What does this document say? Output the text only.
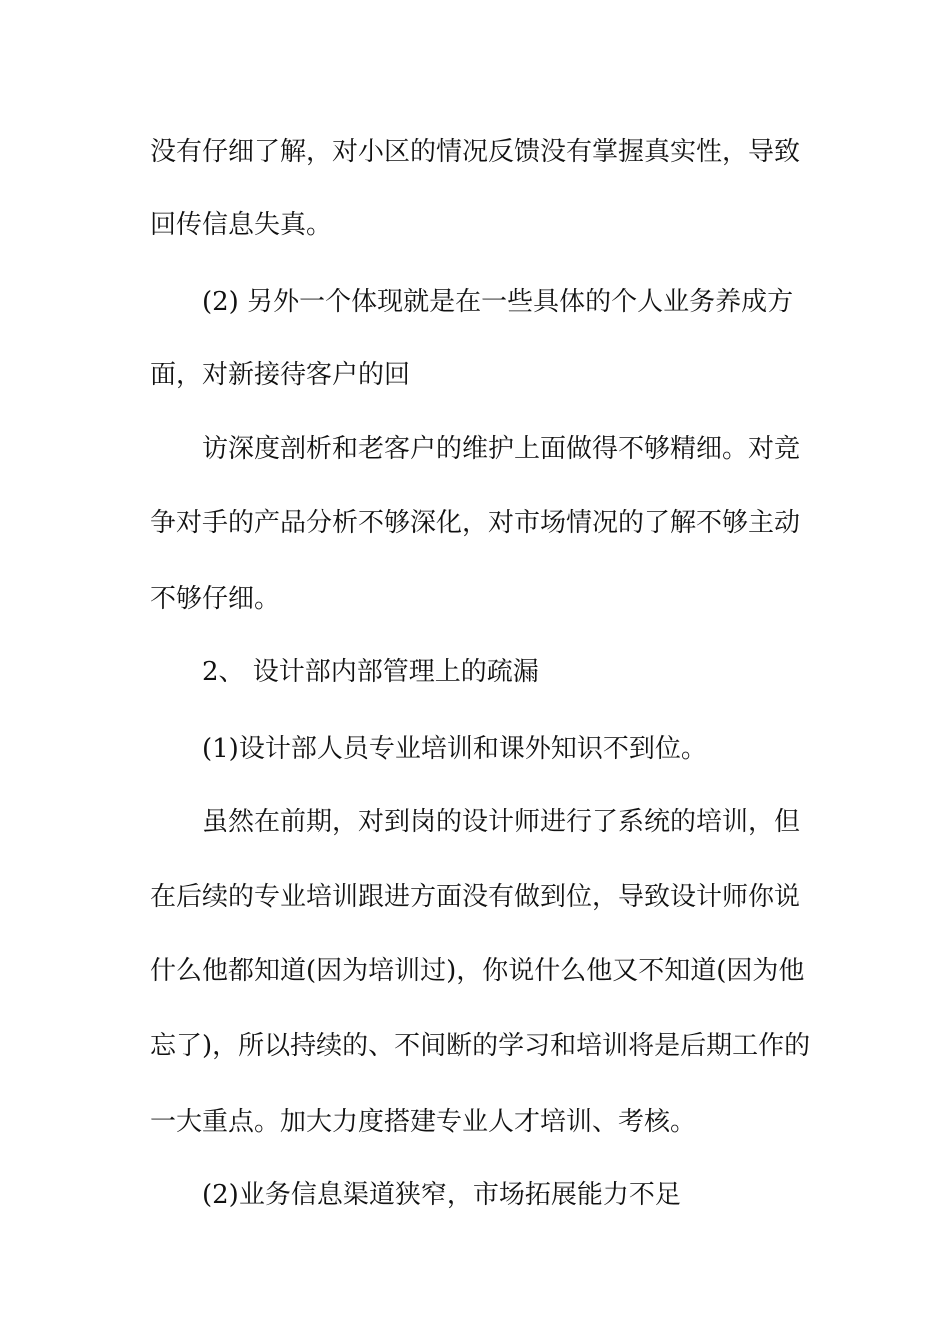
没有仔细了解，对小区的情况反馈没有掌握真实性，导致

回传信息失真。

(2) 另外一个体现就是在一些具体的个人业务养成方

面，对新接待客户的回

访深度剖析和老客户的维护上面做得不够精细。对竞

争对手的产品分析不够深化，对市场情况的了解不够主动

不够仔细。

2、 设计部内部管理上的疏漏

(1)设计部人员专业培训和课外知识不到位。

虽然在前期，对到岗的设计师进行了系统的培训，但

在后续的专业培训跟进方面没有做到位，导致设计师你说

什么他都知道(因为培训过)，你说什么他又不知道(因为他

忘了)，所以持续的、不间断的学习和培训将是后期工作的

一大重点。加大力度搭建专业人才培训、考核。

(2)业务信息渠道狭窄，市场拓展能力不足
